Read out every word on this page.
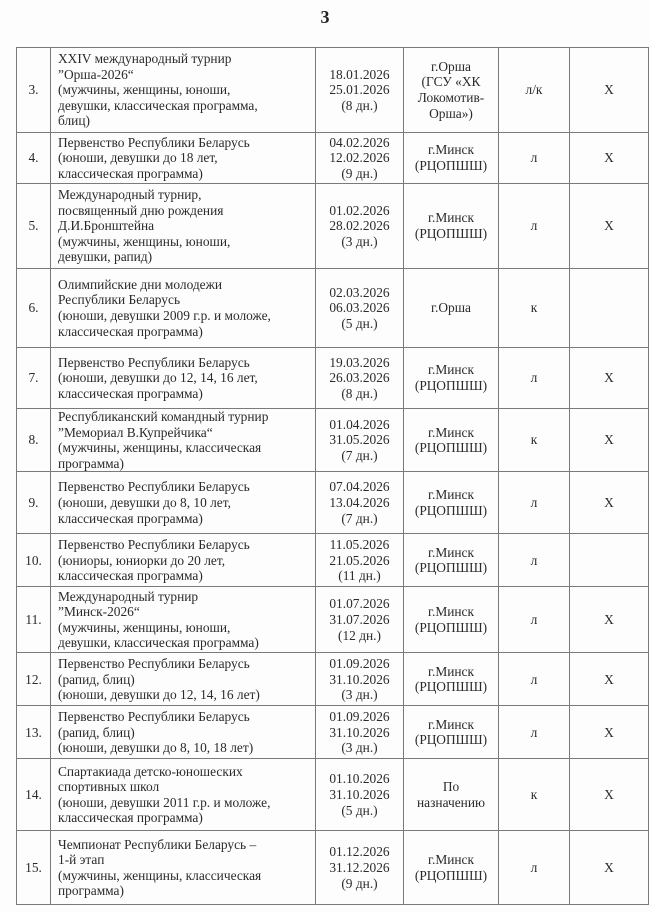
3
3.	XXIV международный турнир
”Орша-2026“
(мужчины, женщины, юноши,
девушки, классическая программа,
блиц)	18.01.2026
25.01.2026
(8 дн.)	г.Орша
(ГСУ «ХК
Локомотив-
Орша»)	л/к	X
4.	Первенство Республики Беларусь
(юноши, девушки до 18 лет,
классическая программа)	04.02.2026
12.02.2026
(9 дн.)	г.Минск
(РЦОПШШ)	л	X
5.	Международный турнир,
посвященный дню рождения
Д.И.Бронштейна
(мужчины, женщины, юноши,
девушки, рапид)	01.02.2026
28.02.2026
(3 дн.)	г.Минск
(РЦОПШШ)	л	X
6.	Олимпийские дни молодежи
Республики Беларусь
(юноши, девушки 2009 г.р. и моложе,
классическая программа)	02.03.2026
06.03.2026
(5 дн.)	г.Орша	к	
7.	Первенство Республики Беларусь
(юноши, девушки до 12, 14, 16 лет,
классическая программа)	19.03.2026
26.03.2026
(8 дн.)	г.Минск
(РЦОПШШ)	л	X
8.	Республиканский командный турнир
”Мемориал В.Купрейчика“
(мужчины, женщины, классическая
программа)	01.04.2026
31.05.2026
(7 дн.)	г.Минск
(РЦОПШШ)	к	X
9.	Первенство Республики Беларусь
(юноши, девушки до 8, 10 лет,
классическая программа)	07.04.2026
13.04.2026
(7 дн.)	г.Минск
(РЦОПШШ)	л	X
10.	Первенство Республики Беларусь
(юниоры, юниорки до 20 лет,
классическая программа)	11.05.2026
21.05.2026
(11 дн.)	г.Минск
(РЦОПШШ)	л	
11.	Международный турнир
”Минск-2026“
(мужчины, женщины, юноши,
девушки, классическая программа)	01.07.2026
31.07.2026
(12 дн.)	г.Минск
(РЦОПШШ)	л	X
12.	Первенство Республики Беларусь
(рапид, блиц)
(юноши, девушки до 12, 14, 16 лет)	01.09.2026
31.10.2026
(3 дн.)	г.Минск
(РЦОПШШ)	л	X
13.	Первенство Республики Беларусь
(рапид, блиц)
(юноши, девушки до 8, 10, 18 лет)	01.09.2026
31.10.2026
(3 дн.)	г.Минск
(РЦОПШШ)	л	X
14.	Спартакиада детско-юношеских
спортивных школ
(юноши, девушки 2011 г.р. и моложе,
классическая программа)	01.10.2026
31.10.2026
(5 дн.)	По
назначению	к	X
15.	Чемпионат Республики Беларусь –
1-й этап
(мужчины, женщины, классическая
программа)	01.12.2026
31.12.2026
(9 дн.)	г.Минск
(РЦОПШШ)	л	X
